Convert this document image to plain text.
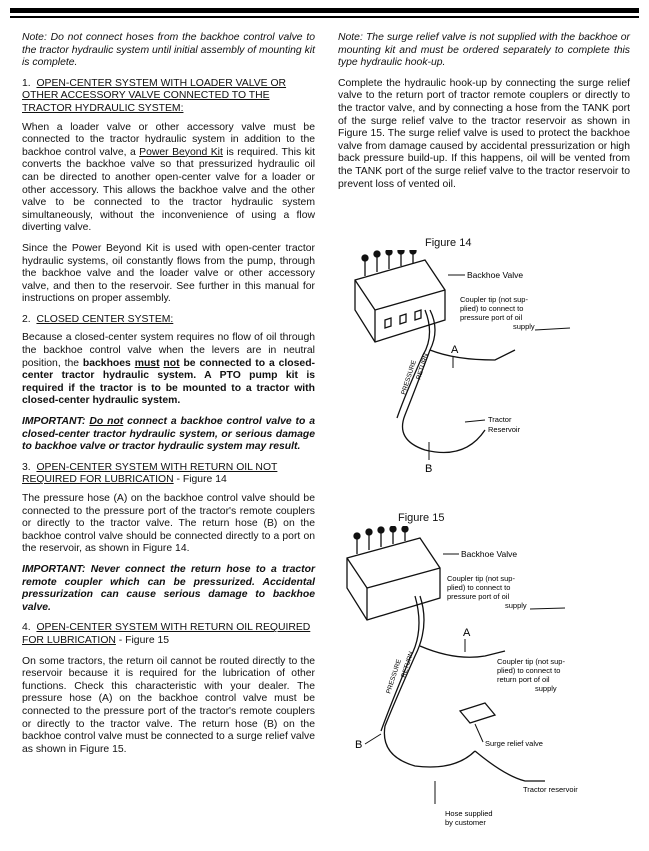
Note: Do not connect hoses from the backhoe control valve to the tractor hydraulic system until initial assembly of mounting kit is complete.

1. OPEN-CENTER SYSTEM WITH LOADER VALVE OR OTHER ACCESSORY VALVE CONNECTED TO THE TRACTOR HYDRAULIC SYSTEM:

When a loader valve or other accessory valve must be connected to the tractor hydraulic system in addition to the backhoe control valve, a Power Beyond Kit is required. This kit converts the backhoe valve so that pressurized hydraulic oil can be directed to another open-center valve for a loader or other accessory. This allows the backhoe valve and the other valve to be connected to the tractor hydraulic system simultaneously, without the inconvenience of using a flow diverting valve.

Since the Power Beyond Kit is used with open-center tractor hydraulic systems, oil constantly flows from the pump, through the backhoe valve and the loader valve or other accessory valve, and then to the reservoir. See further in this manual for instructions on proper assembly.

2. CLOSED CENTER SYSTEM:

Because a closed-center system requires no flow of oil through the backhoe control valve when the levers are in neutral position, the backhoes must not be connected to a closed-center tractor hydraulic system. A PTO pump kit is required if the tractor is to be mounted to a tractor with closed-center hydraulic system.

IMPORTANT: Do not connect a backhoe control valve to a closed-center tractor hydraulic system, or serious damage to backhoe valve or tractor hydraulic system may result.

3. OPEN-CENTER SYSTEM WITH RETURN OIL NOT REQUIRED FOR LUBRICATION - Figure 14

The pressure hose (A) on the backhoe control valve should be connected to the pressure port of the tractor's remote couplers or directly to the tractor valve. The return hose (B) on the backhoe control valve should be connected directly to a port on the reservoir, as shown in Figure 14.

IMPORTANT: Never connect the return hose to a tractor remote coupler which can be pressurized. Accidental pressurization can cause serious damage to backhoe valve.

4. OPEN-CENTER SYSTEM WITH RETURN OIL REQUIRED FOR LUBRICATION - Figure 15

On some tractors, the return oil cannot be routed directly to the reservoir because it is required for the lubrication of other functions. Check this characteristic with your dealer. The pressure hose (A) on the backhoe control valve must be connected to the pressure port of the tractor's remote couplers or directly to the tractor valve. The return hose (B) on the backhoe control valve must be connected to a surge relief valve as shown in Figure 15.

Note: The surge relief valve is not supplied with the backhoe or mounting kit and must be ordered separately to complete this type hydraulic hook-up.

Complete the hydraulic hook-up by connecting the surge relief valve to the return port of tractor remote couplers or directly to the tractor valve, and by connecting a hose from the TANK port of the surge relief valve to the tractor reservoir as shown in Figure 15. The surge relief valve is used to protect the backhoe valve from damage caused by accidental pressurization or high back pressure build-up. If this happens, oil will be vented from the TANK port of the surge relief valve to the tractor reservoir to prevent loss of vented oil.

Figure 14
Backhoe Valve
Coupler tip (not sup-
plied) to connect to
pressure port of oil
supply
PRESSURE
RETURN
A
Tractor
Reservoir
B
Figure 15
Backhoe Valve
Coupler tip (not sup-
plied) to connect to
pressure port of oil
supply
A
PRESSURE
RETURN	Coupler tip (not sup-
plied) to connect to
return port of oil
supply
Surge relief valve
B
Tractor reservoir
Hose supplied
by customer
